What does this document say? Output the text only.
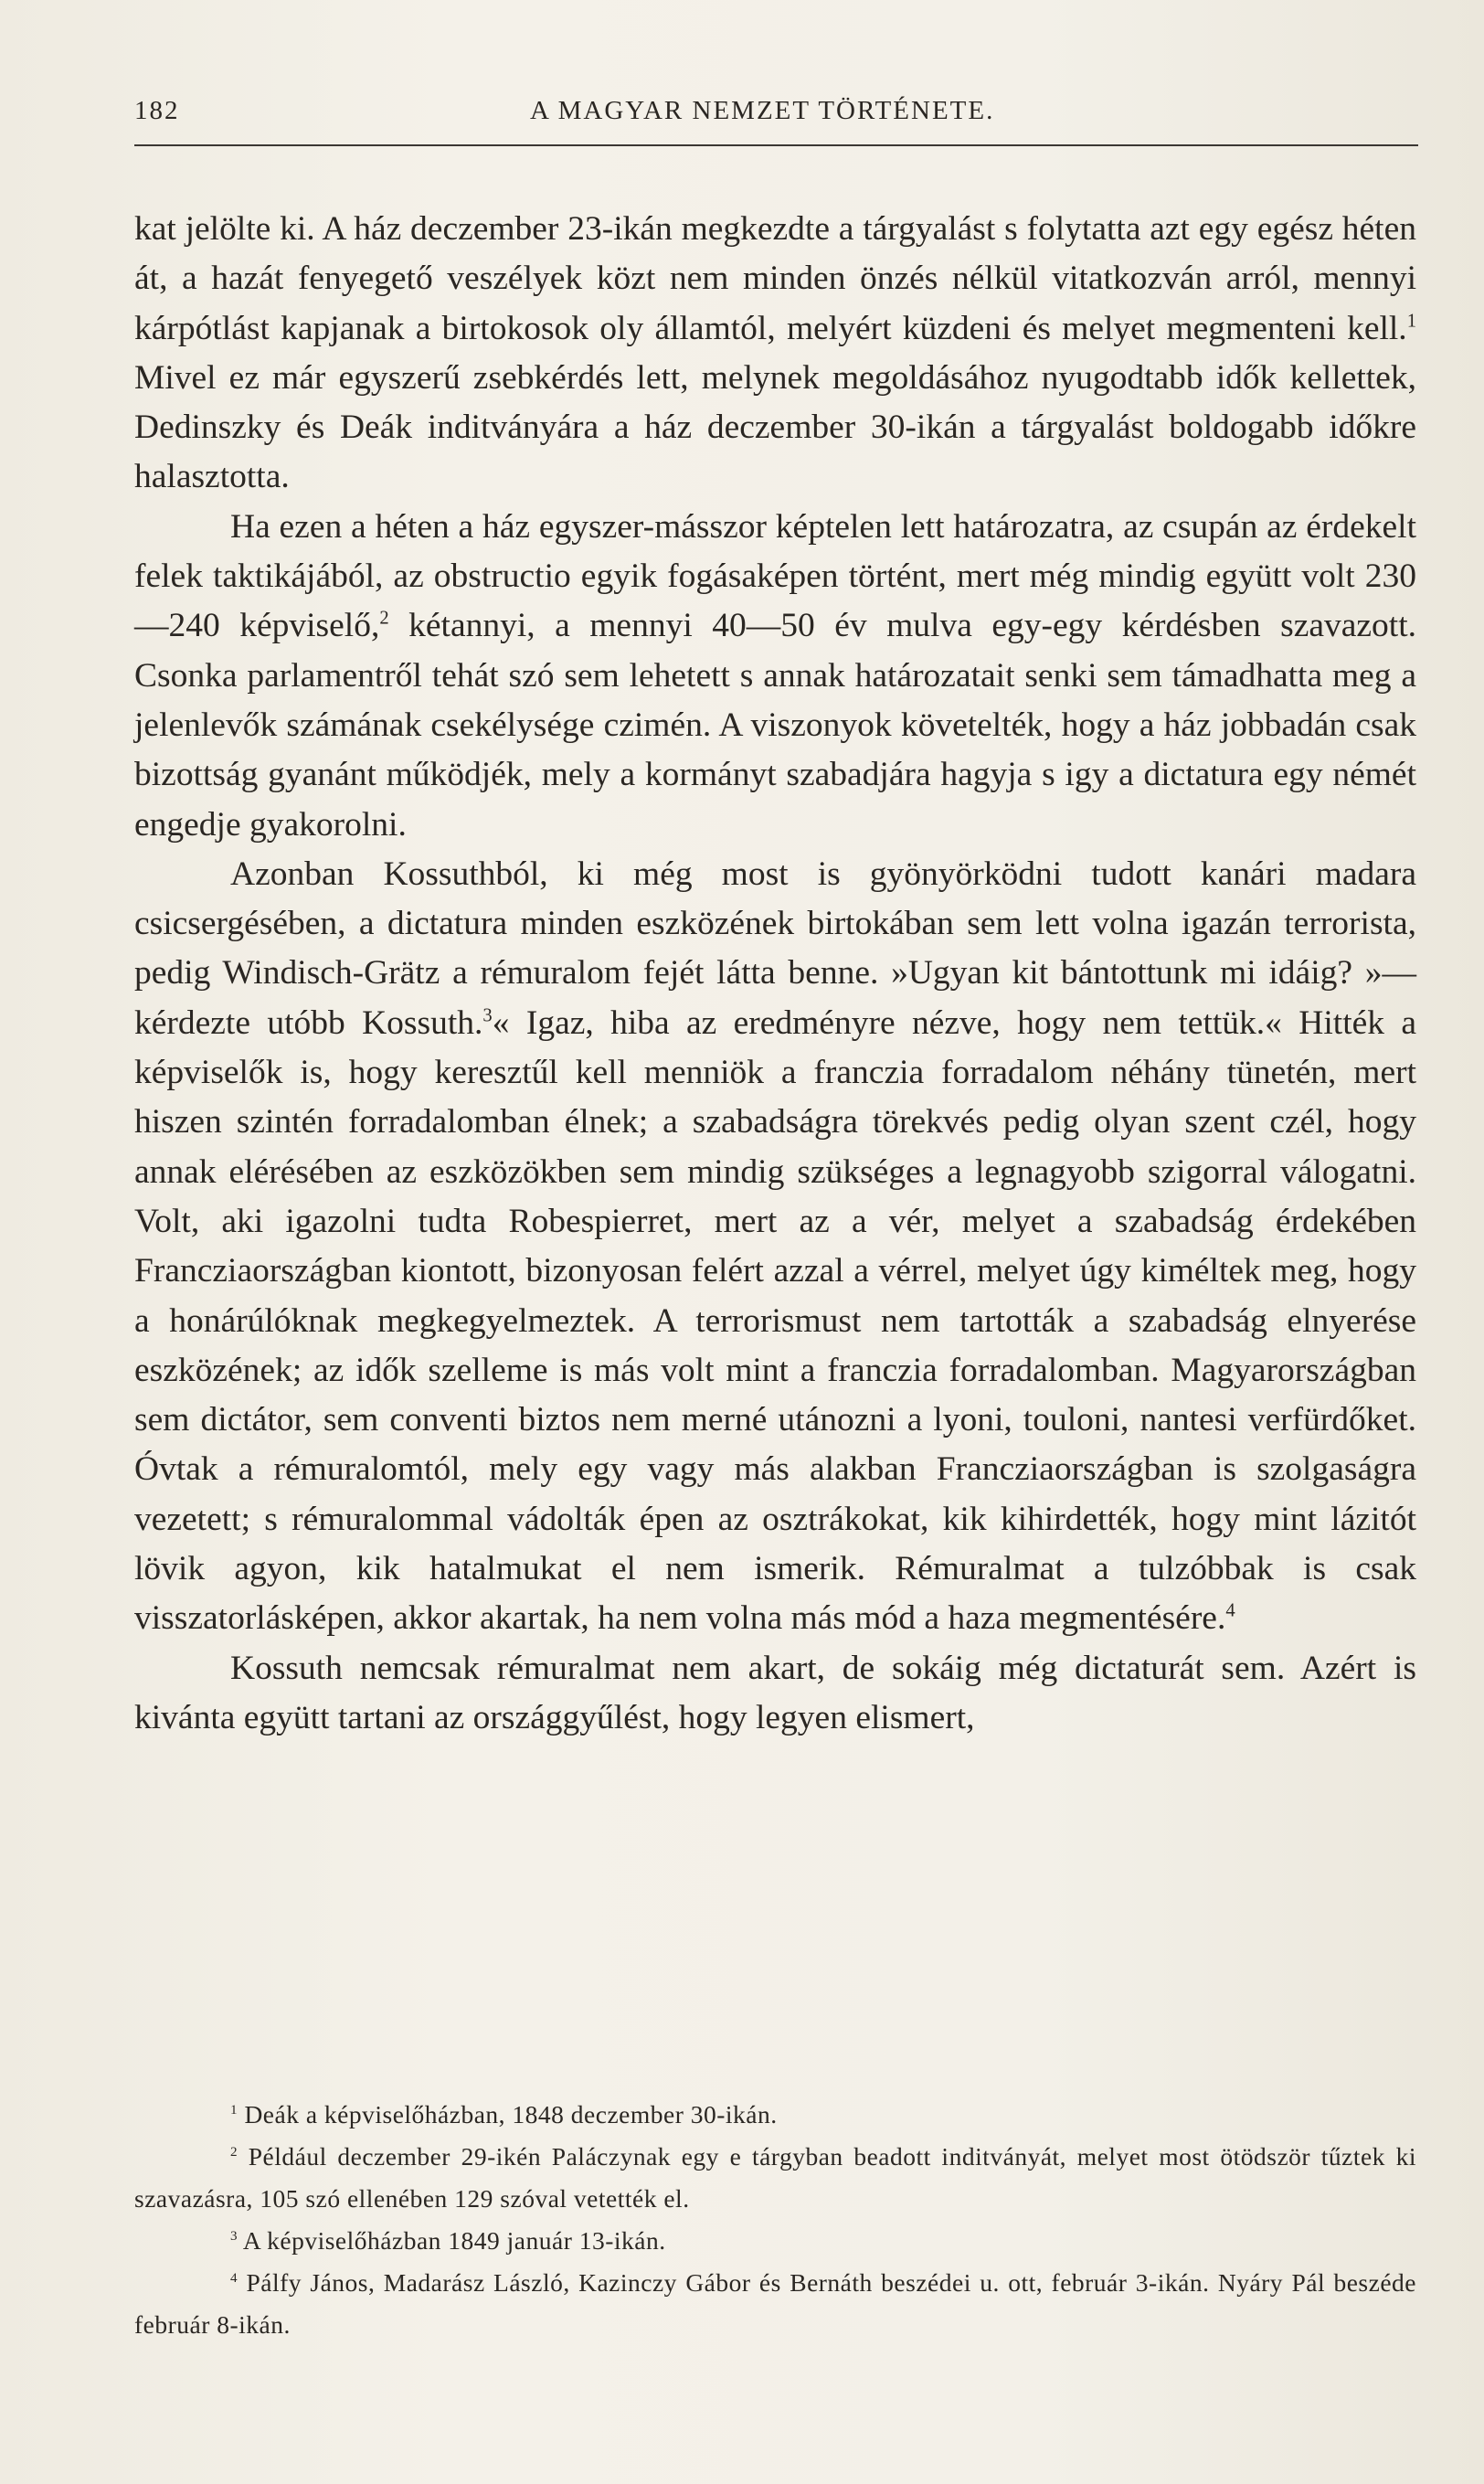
182	A MAGYAR NEMZET TÖRTÉNETE.

kat jelölte ki. A ház deczember 23-ikán megkezdte a tárgyalást s folytatta azt egy egész héten át, a hazát fenyegető veszélyek közt nem minden önzés nélkül vitatkozván arról, mennyi kárpótlást kapjanak a birtokosok oly államtól, melyért küzdeni és melyet megmenteni kell.$^1$ Mivel ez már egyszerű zsebkérdés lett, melynek megoldásához nyugodtabb idők kellettek, Dedinszky és Deák inditványára a ház deczember 30-ikán a tárgyalást boldogabb időkre halasztotta.

Ha ezen a héten a ház egyszer-másszor képtelen lett határozatra, az csupán az érdekelt felek taktikájából, az obstructio egyik fogásaképen történt, mert még mindig együtt volt 230—240 képviselő,$^2$ kétannyi, a mennyi 40—50 év mulva egy-egy kérdésben szavazott. Csonka parlamentről tehát szó sem lehetett s annak határozatait senki sem támadhatta meg a jelenlevők számának csekélysége czimén. A viszonyok követelték, hogy a ház jobbadán csak bizottság gyanánt működjék, mely a kormányt szabadjára hagyja s igy a dictatura egy némét engedje gyakorolni.

Azonban Kossuthból, ki még most is gyönyörködni tudott kanári madara csicsergésében, a dictatura minden eszközének birtokában sem lett volna igazán terrorista, pedig Windisch-Grätz a rémuralom fejét látta benne. »Ugyan kit bántottunk mi idáig? »— kérdezte utóbb Kossuth.$^3$« Igaz, hiba az eredményre nézve, hogy nem tettük.« Hitték a képviselők is, hogy keresztűl kell menniök a franczia forradalom néhány tünetén, mert hiszen szintén forradalomban élnek; a szabadságra törekvés pedig olyan szent czél, hogy annak elérésében az eszközökben sem mindig szükséges a legnagyobb szigorral válogatni. Volt, aki igazolni tudta Robespierret, mert az a vér, melyet a szabadság érdekében Francziaországban kiontott, bizonyosan felért azzal a vérrel, melyet úgy kiméltek meg, hogy a honárúlóknak megkegyelmeztek. A terrorismust nem tartották a szabadság elnyerése eszközének; az idők szelleme is más volt mint a franczia forradalomban. Magyarországban sem dictátor, sem conventi biztos nem merné utánozni a lyoni, touloni, nantesi verfürdőket. Óvtak a rémuralomtól, mely egy vagy más alakban Francziaországban is szolgaságra vezetett; s rémuralommal vádolták épen az osztrákokat, kik kihirdették, hogy mint lázitót lövik agyon, kik hatalmukat el nem ismerik. Rémuralmat a tulzóbbak is csak visszatorlásképen, akkor akartak, ha nem volna más mód a haza megmentésére.$^4$

Kossuth nemcsak rémuralmat nem akart, de sokáig még dictaturát sem. Azért is kivánta együtt tartani az országgyűlést, hogy legyen elismert,

$^1$ Deák a képviselőházban, 1848 deczember 30-ikán.

$^2$ Például deczember 29-ikén Paláczynak egy e tárgyban beadott inditványát, melyet most ötödször tűztek ki szavazásra, 105 szó ellenében 129 szóval vetették el.

$^3$ A képviselőházban 1849 január 13-ikán.

$^4$ Pálfy János, Madarász László, Kazinczy Gábor és Bernáth beszédei u. ott, február 3-ikán. Nyáry Pál beszéde február 8-ikán.
